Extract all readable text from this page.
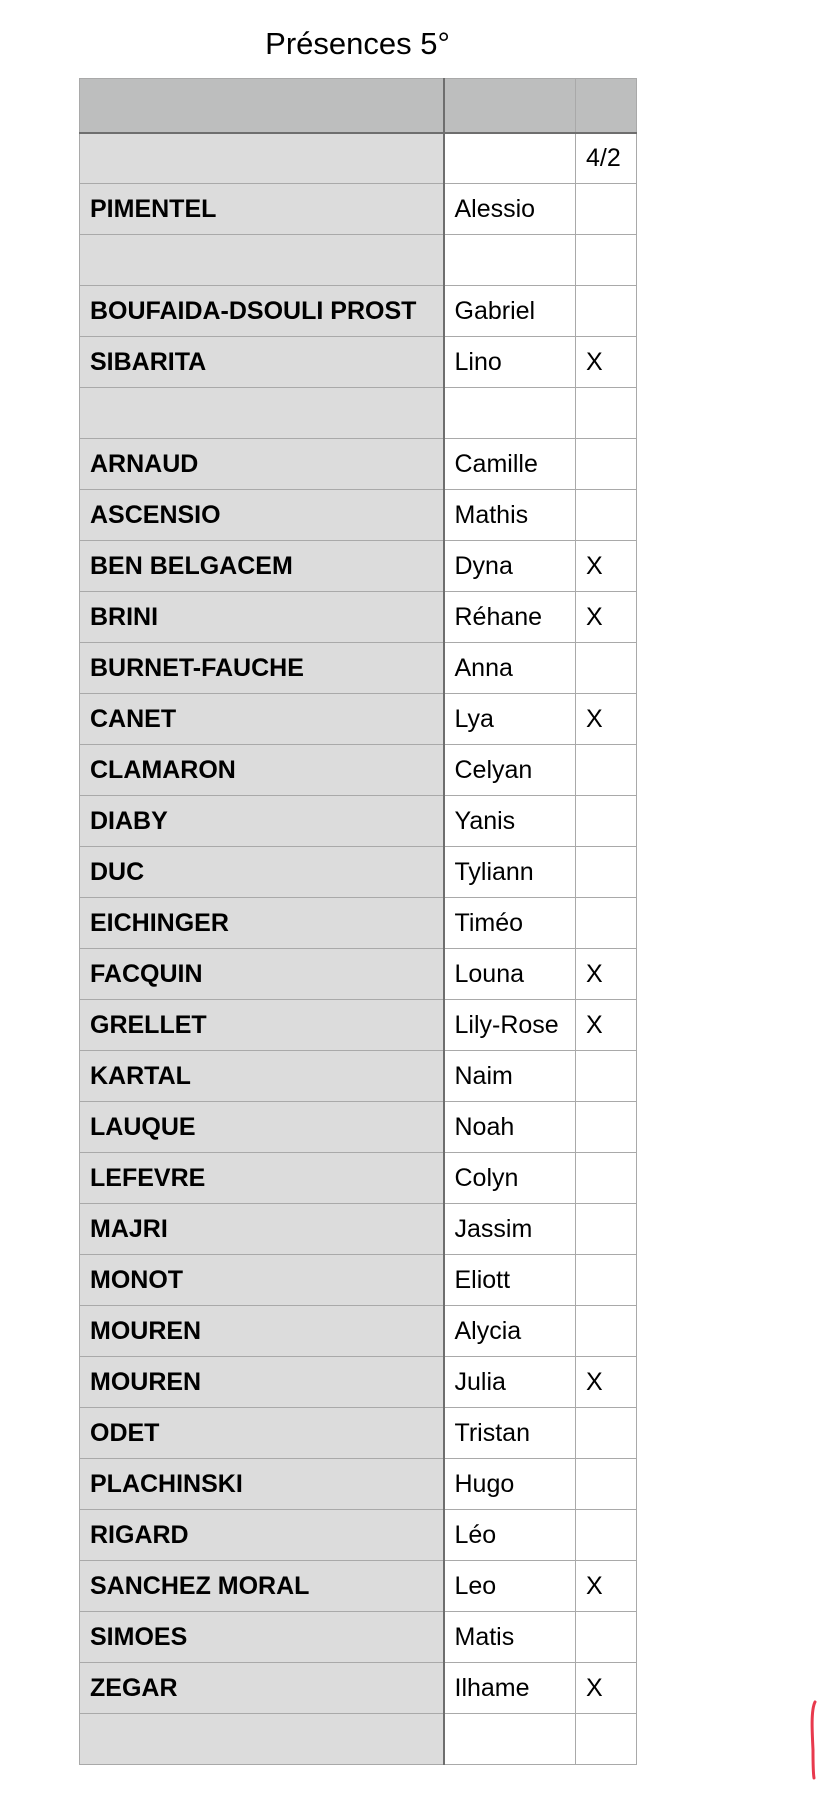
Présences 5°

		4/2
PIMENTEL	Alessio	

BOUFAIDA-DSOULI PROST	Gabriel	
SIBARITA	Lino	X

ARNAUD	Camille	
ASCENSIO	Mathis	
BEN BELGACEM	Dyna	X
BRINI	Réhane	X
BURNET-FAUCHE	Anna	
CANET	Lya	X
CLAMARON	Celyan	
DIABY	Yanis	
DUC	Tyliann	
EICHINGER	Timéo	
FACQUIN	Louna	X
GRELLET	Lily-Rose	X
KARTAL	Naim	
LAUQUE	Noah	
LEFEVRE	Colyn	
MAJRI	Jassim	
MONOT	Eliott	
MOUREN	Alycia	
MOUREN	Julia	X
ODET	Tristan	
PLACHINSKI	Hugo	
RIGARD	Léo	
SANCHEZ MORAL	Leo	X
SIMOES	Matis	
ZEGAR	Ilhame	X
